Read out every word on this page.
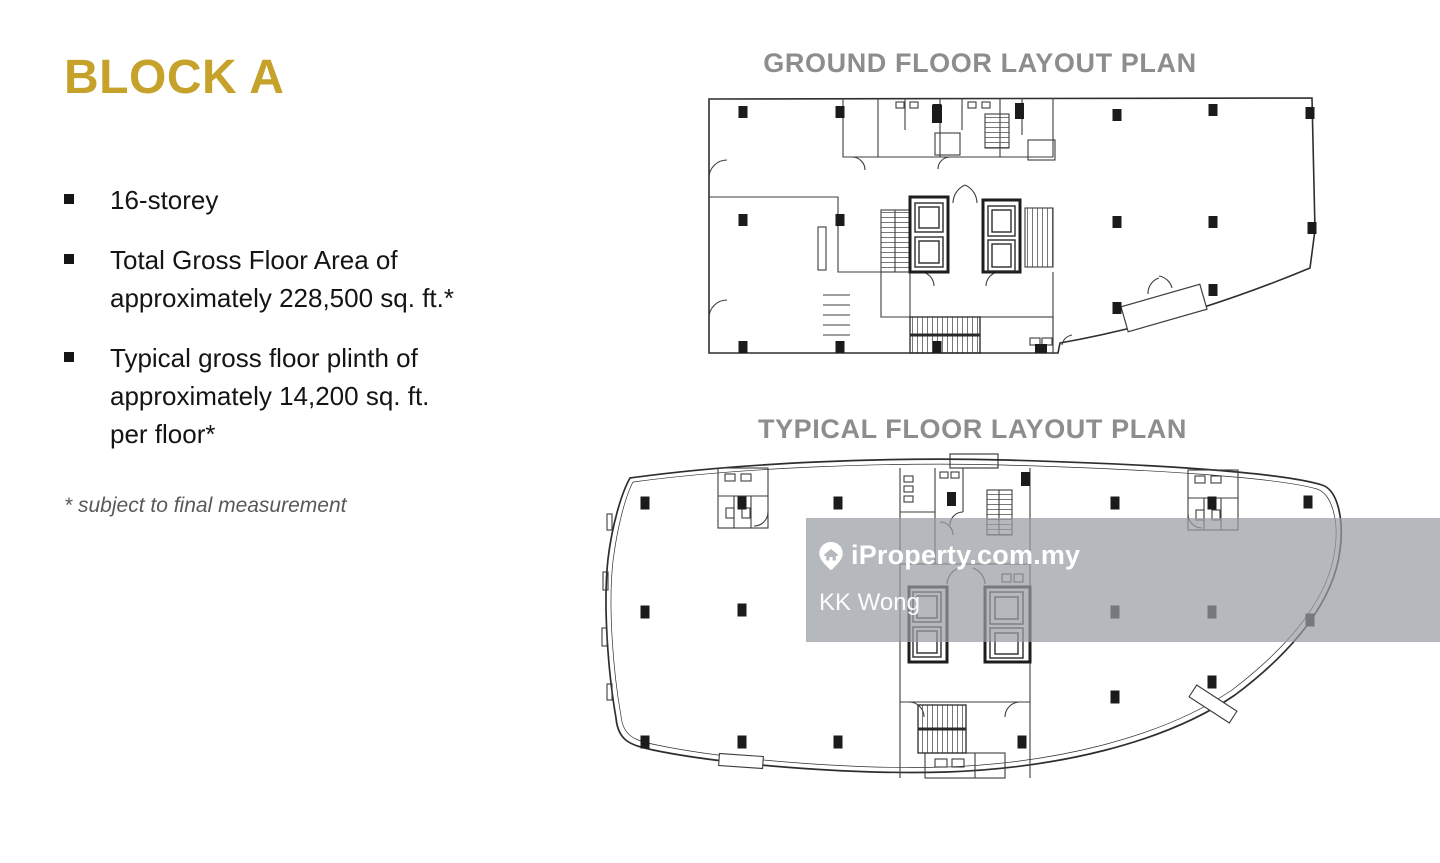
BLOCK A
16-storey
Total Gross Floor Area of
approximately 228,500 sq. ft.*
Typical gross floor plinth of
approximately 14,200 sq. ft.
per floor*
* subject to final measurement
GROUND FLOOR LAYOUT PLAN
TYPICAL FLOOR LAYOUT PLAN
iProperty.com.my
KK Wong
